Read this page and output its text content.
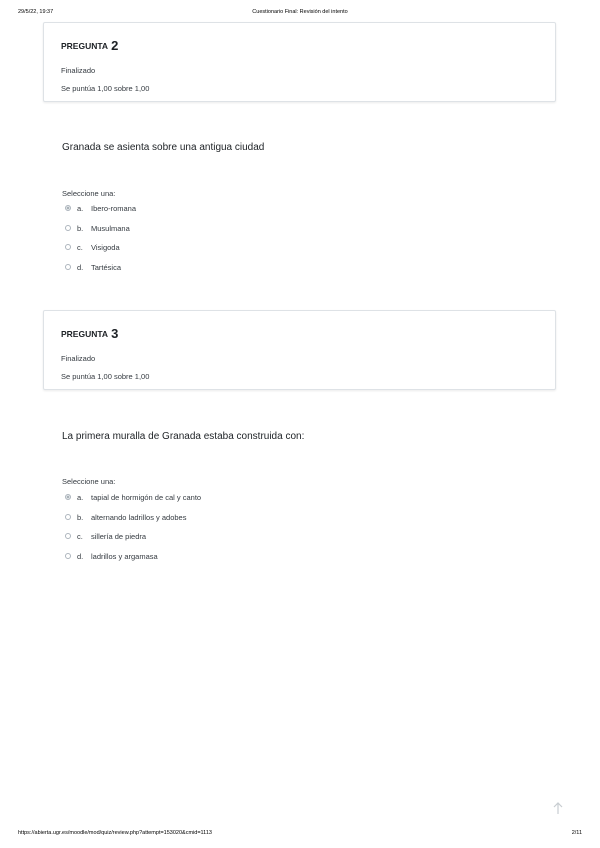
29/5/22, 19:37	Cuestionario Final: Revisión del intento
PREGUNTA 2
Finalizado
Se puntúa 1,00 sobre 1,00
Granada se asienta sobre una antigua ciudad
Seleccione una:
a. Ibero-romana
b. Musulmana
c. Visigoda
d. Tartésica
PREGUNTA 3
Finalizado
Se puntúa 1,00 sobre 1,00
La primera muralla de Granada estaba construida con:
Seleccione una:
a. tapial de hormigón de cal y canto
b. alternando ladrillos y adobes
c. sillería de piedra
d. ladrillos y argamasa
https://abierta.ugr.es/moodle/mod/quiz/review.php?attempt=153020&cmid=1113	2/11
